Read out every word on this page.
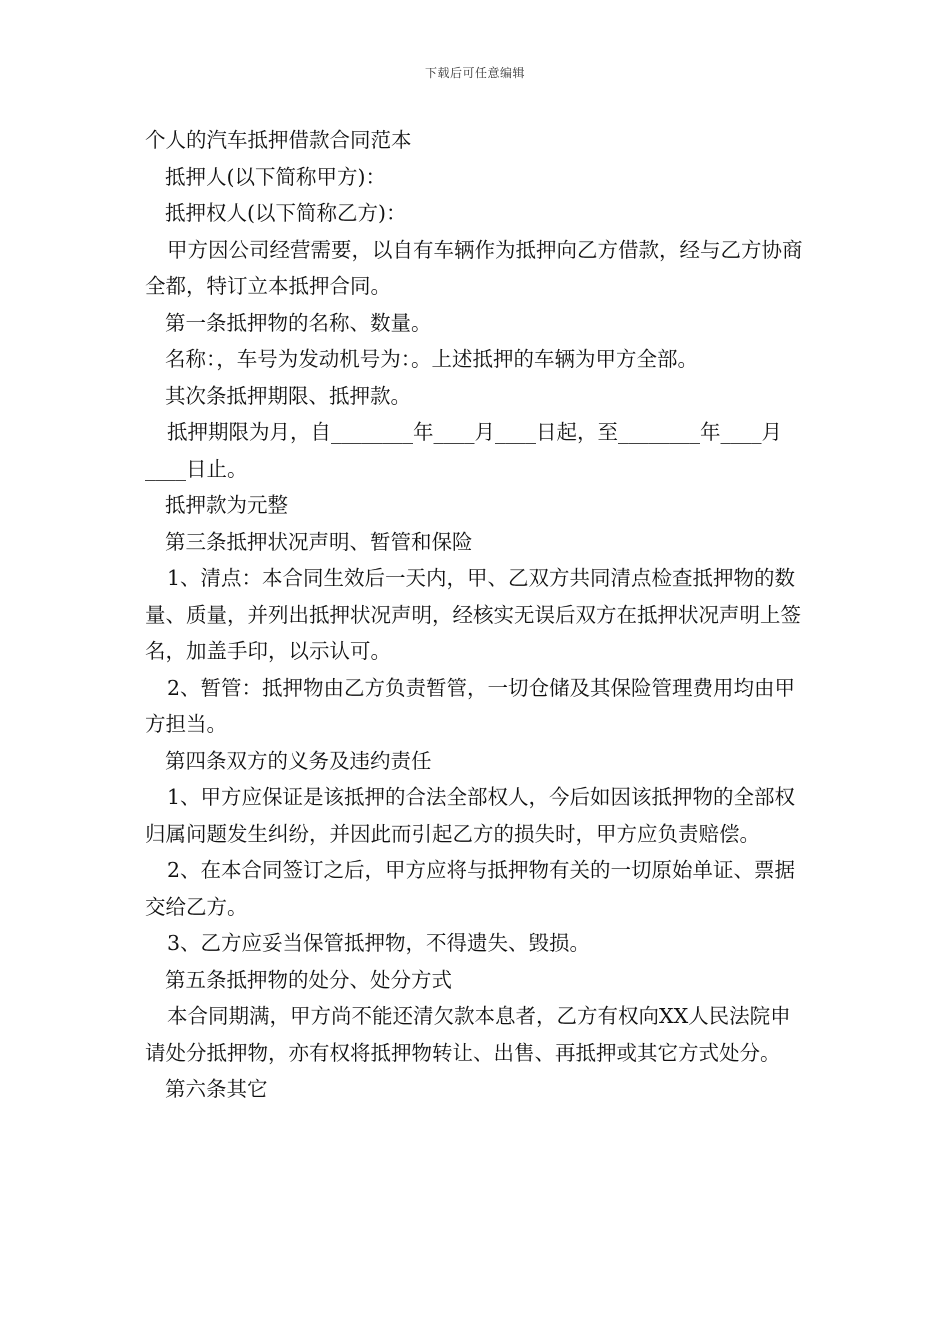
下载后可任意编辑

个人的汽车抵押借款合同范本

抵押人(以下简称甲方)：

抵押权人(以下简称乙方)：

甲方因公司经营需要，以自有车辆作为抵押向乙方借款，经与乙方协商全都，特订立本抵押合同。

第一条抵押物的名称、数量。

名称：，车号为发动机号为：。上述抵押的车辆为甲方全部。

其次条抵押期限、抵押款。

抵押期限为月，自________年____月____日起，至________年____月____日止。

抵押款为元整

第三条抵押状况声明、暂管和保险

1、清点：本合同生效后一天内，甲、乙双方共同清点检查抵押物的数量、质量，并列出抵押状况声明，经核实无误后双方在抵押状况声明上签名，加盖手印，以示认可。

2、暂管：抵押物由乙方负责暂管，一切仓储及其保险管理费用均由甲方担当。

第四条双方的义务及违约责任

1、甲方应保证是该抵押的合法全部权人，今后如因该抵押物的全部权归属问题发生纠纷，并因此而引起乙方的损失时，甲方应负责赔偿。

2、在本合同签订之后，甲方应将与抵押物有关的一切原始单证、票据交给乙方。

3、乙方应妥当保管抵押物，不得遗失、毁损。

第五条抵押物的处分、处分方式

本合同期满，甲方尚不能还清欠款本息者，乙方有权向XX人民法院申请处分抵押物，亦有权将抵押物转让、出售、再抵押或其它方式处分。

第六条其它
